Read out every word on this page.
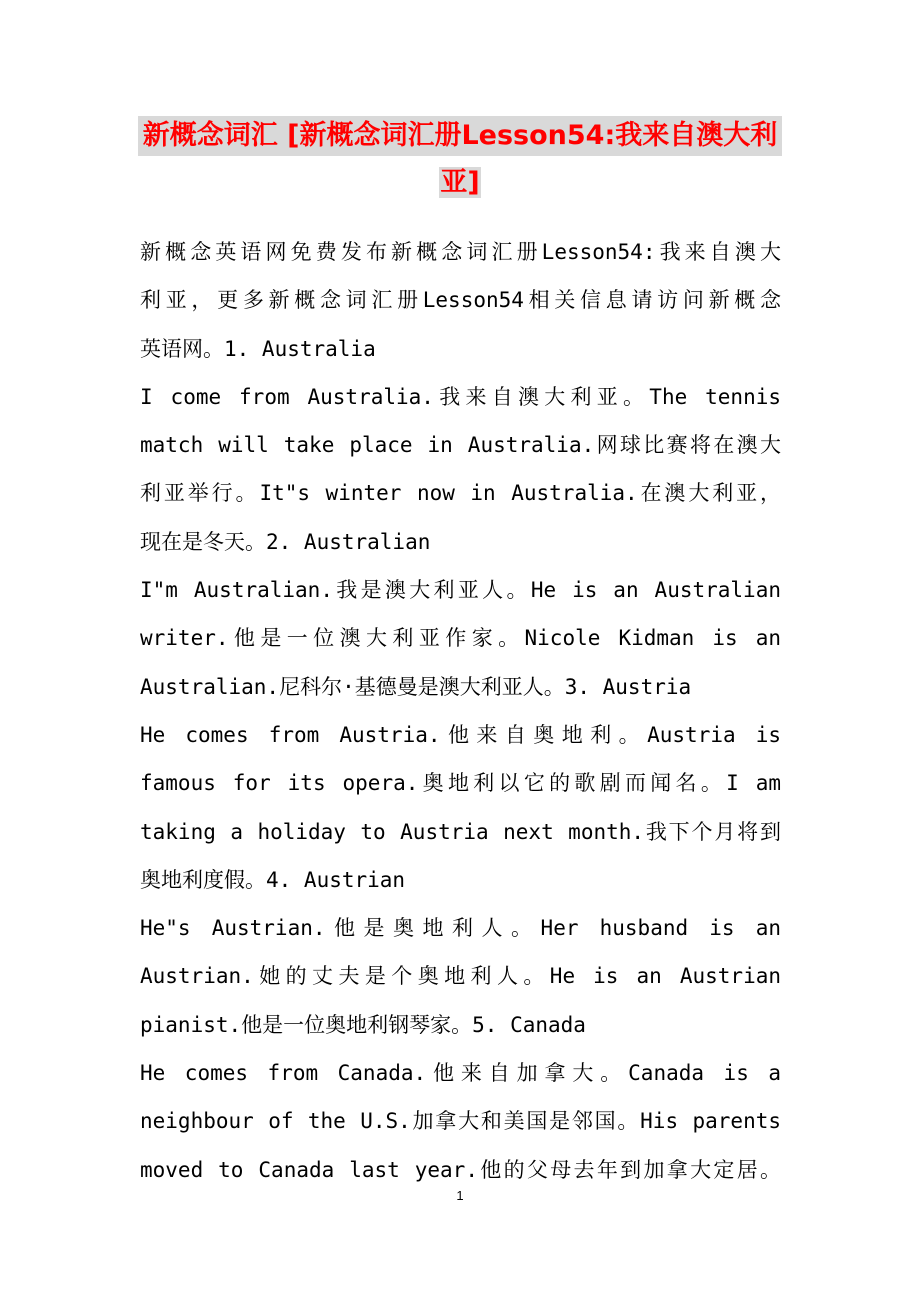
新概念词汇 [新概念词汇册Lesson54:我来自澳大利
亚]
新概念英语网免费发布新概念词汇册Lesson54:我来自澳大
利亚，更多新概念词汇册Lesson54相关信息请访问新概念
英语网。1. Australia
I come from Australia.我来自澳大利亚。The tennis
match will take place in Australia.网球比赛将在澳大
利亚举行。It"s winter now in Australia.在澳大利亚，
现在是冬天。2. Australian
I"m Australian.我是澳大利亚人。He is an Australian
writer.他是一位澳大利亚作家。Nicole Kidman is an
Australian.尼科尔·基德曼是澳大利亚人。3. Austria
He comes from Austria.他来自奥地利。Austria is
famous for its opera.奥地利以它的歌剧而闻名。I am
taking a holiday to Austria next month.我下个月将到
奥地利度假。4. Austrian
He"s Austrian.他是奥地利人。Her husband is an
Austrian.她的丈夫是个奥地利人。He is an Austrian
pianist.他是一位奥地利钢琴家。5. Canada
He comes from Canada.他来自加拿大。Canada is a
neighbour of the U.S.加拿大和美国是邻国。His parents
moved to Canada last year.他的父母去年到加拿大定居。
1
